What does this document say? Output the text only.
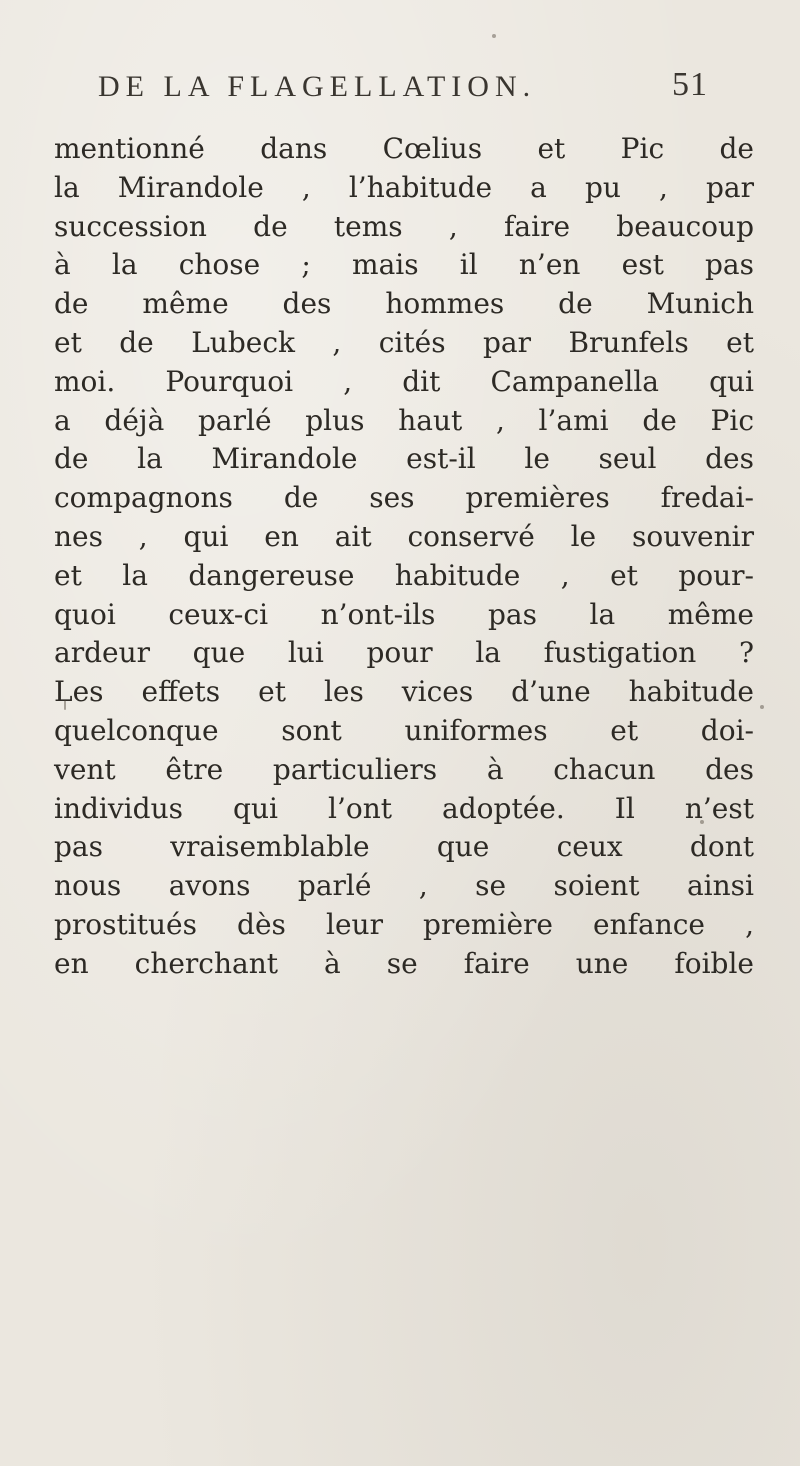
DE LA FLAGELLATION.	51
mentionné dans Cœlius et Pic de
la Mirandole , l’habitude a pu , par
succession de tems , faire beaucoup
à la chose ; mais il n’en est pas
de même des hommes de Munich
et de Lubeck , cités par Brunfels et
moi. Pourquoi , dit Campanella qui
a déjà parlé plus haut , l’ami de Pic
de la Mirandole est-il le seul des
compagnons de ses premières fredai-
nes , qui en ait conservé le souvenir
et la dangereuse habitude , et pour-
quoi ceux-ci n’ont-ils pas la même
ardeur que lui pour la fustigation ?
Les effets et les vices d’une habitude
quelconque sont uniformes et doi-
vent être particuliers à chacun des
individus qui l’ont adoptée. Il n’est
pas vraisemblable que ceux dont
nous avons parlé , se soient ainsi
prostitués dès leur première enfance ,
en cherchant à se faire une foible
